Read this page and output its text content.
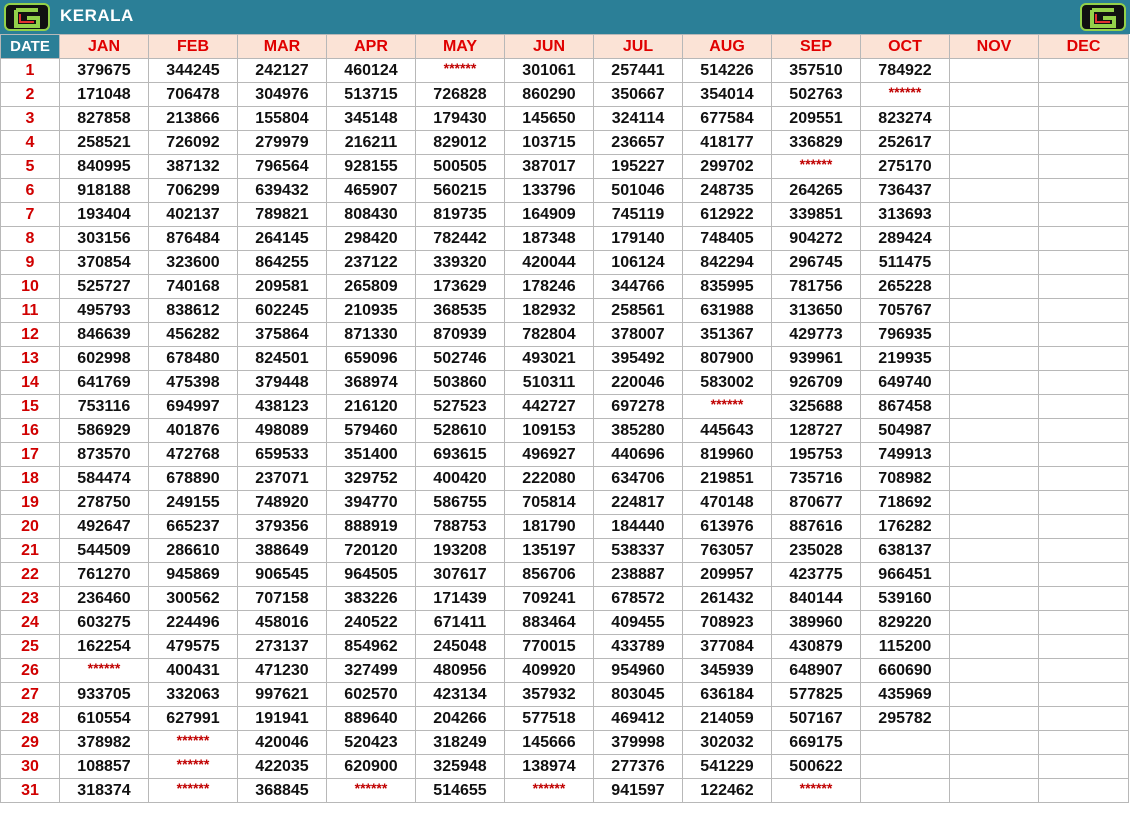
KERALA
DATE	JAN	FEB	MAR	APR	MAY	JUN	JUL	AUG	SEP	OCT	NOV	DEC
1	379675	344245	242127	460124	******	301061	257441	514226	357510	784922		
2	171048	706478	304976	513715	726828	860290	350667	354014	502763	******		
3	827858	213866	155804	345148	179430	145650	324114	677584	209551	823274		
4	258521	726092	279979	216211	829012	103715	236657	418177	336829	252617		
5	840995	387132	796564	928155	500505	387017	195227	299702	******	275170		
6	918188	706299	639432	465907	560215	133796	501046	248735	264265	736437		
7	193404	402137	789821	808430	819735	164909	745119	612922	339851	313693		
8	303156	876484	264145	298420	782442	187348	179140	748405	904272	289424		
9	370854	323600	864255	237122	339320	420044	106124	842294	296745	511475		
10	525727	740168	209581	265809	173629	178246	344766	835995	781756	265228		
11	495793	838612	602245	210935	368535	182932	258561	631988	313650	705767		
12	846639	456282	375864	871330	870939	782804	378007	351367	429773	796935		
13	602998	678480	824501	659096	502746	493021	395492	807900	939961	219935		
14	641769	475398	379448	368974	503860	510311	220046	583002	926709	649740		
15	753116	694997	438123	216120	527523	442727	697278	******	325688	867458		
16	586929	401876	498089	579460	528610	109153	385280	445643	128727	504987		
17	873570	472768	659533	351400	693615	496927	440696	819960	195753	749913		
18	584474	678890	237071	329752	400420	222080	634706	219851	735716	708982		
19	278750	249155	748920	394770	586755	705814	224817	470148	870677	718692		
20	492647	665237	379356	888919	788753	181790	184440	613976	887616	176282		
21	544509	286610	388649	720120	193208	135197	538337	763057	235028	638137		
22	761270	945869	906545	964505	307617	856706	238887	209957	423775	966451		
23	236460	300562	707158	383226	171439	709241	678572	261432	840144	539160		
24	603275	224496	458016	240522	671411	883464	409455	708923	389960	829220		
25	162254	479575	273137	854962	245048	770015	433789	377084	430879	115200		
26	******	400431	471230	327499	480956	409920	954960	345939	648907	660690		
27	933705	332063	997621	602570	423134	357932	803045	636184	577825	435969		
28	610554	627991	191941	889640	204266	577518	469412	214059	507167	295782		
29	378982	******	420046	520423	318249	145666	379998	302032	669175			
30	108857	******	422035	620900	325948	138974	277376	541229	500622			
31	318374	******	368845	******	514655	******	941597	122462	******			
